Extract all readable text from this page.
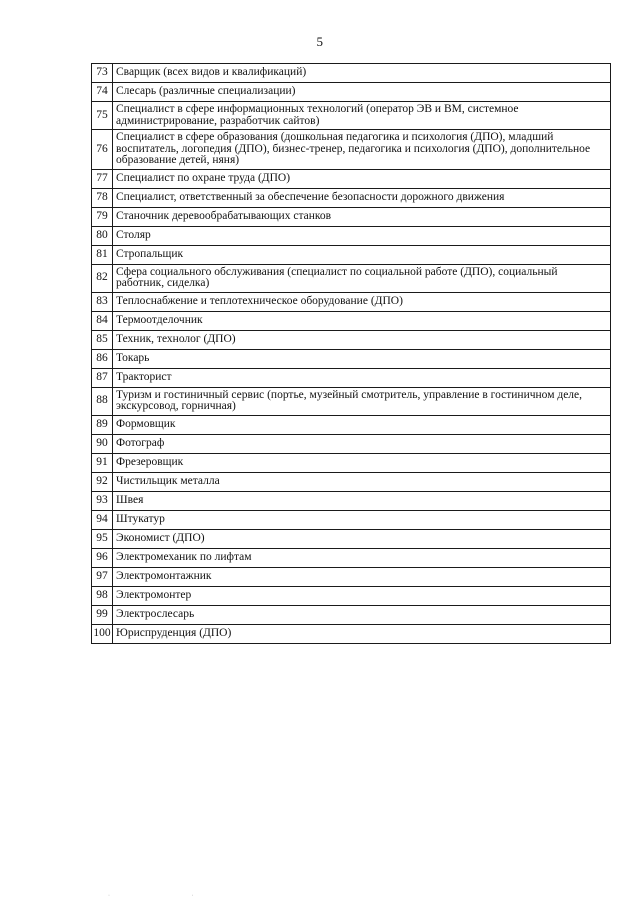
5
73	Сварщик (всех видов и квалификаций)
74	Слесарь (различные специализации)
75	Специалист в сфере информационных технологий (оператор ЭВ и ВМ, системное администрирование, разработчик сайтов)
76	Специалист в сфере образования (дошкольная педагогика и психология (ДПО), младший воспитатель, логопедия (ДПО), бизнес-тренер, педагогика и психология (ДПО), дополнительное образование детей, няня)
77	Специалист по охране труда (ДПО)
78	Специалист, ответственный за обеспечение безопасности дорожного движения
79	Станочник деревообрабатывающих станков
80	Столяр
81	Стропальщик
82	Сфера социального обслуживания (специалист по социальной работе (ДПО), социальный работник, сиделка)
83	Теплоснабжение и теплотехническое оборудование (ДПО)
84	Термоотделочник
85	Техник, технолог (ДПО)
86	Токарь
87	Тракторист
88	Туризм и гостиничный сервис (портье, музейный смотритель, управление в гостиничном деле, экскурсовод, горничная)
89	Формовщик
90	Фотограф
91	Фрезеровщик
92	Чистильщик металла
93	Швея
94	Штукатур
95	Экономист (ДПО)
96	Электромеханик по лифтам
97	Электромонтажник
98	Электромонтер
99	Электрослесарь
100	Юриспруденция (ДПО)
· ·
